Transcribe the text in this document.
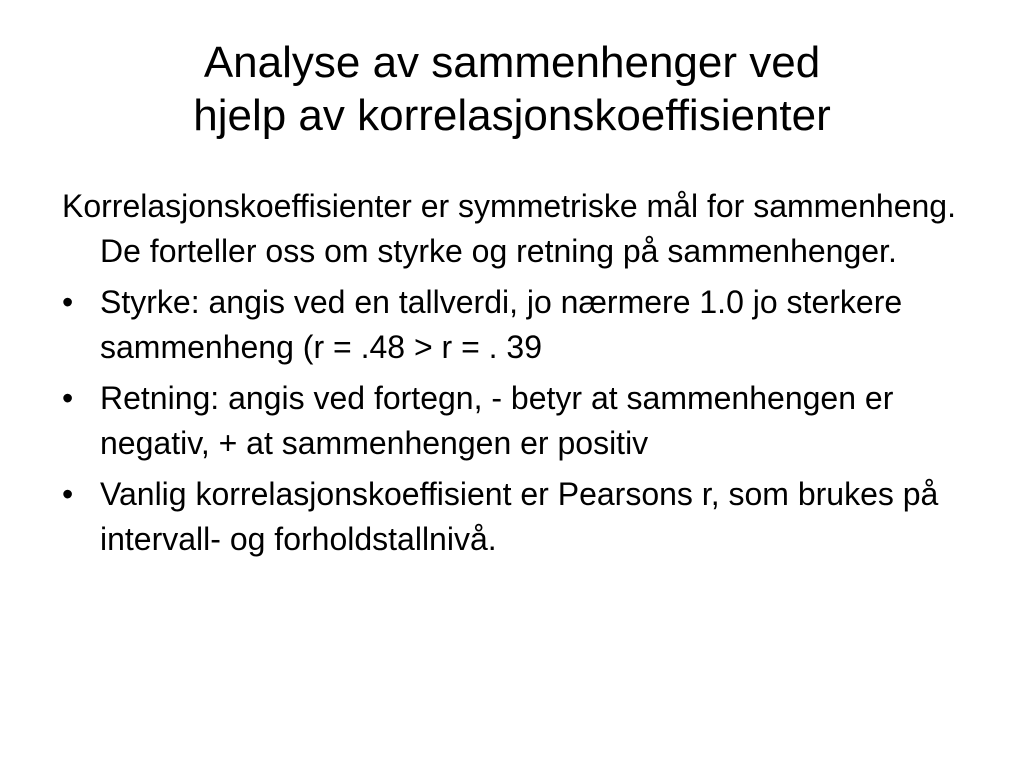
Analyse av sammenhenger ved
hjelp av korrelasjonskoeffisienter

Korrelasjonskoeffisienter er symmetriske mål for sammenheng. De forteller oss om styrke og retning på sammenhenger.

• Styrke: angis ved en tallverdi, jo nærmere 1.0 jo sterkere sammenheng (r = .48 > r = . 39
• Retning: angis ved fortegn, - betyr at sammenhengen er negativ, + at sammenhengen er positiv
• Vanlig korrelasjonskoeffisient er Pearsons r, som brukes på intervall- og forholdstallnivå.
